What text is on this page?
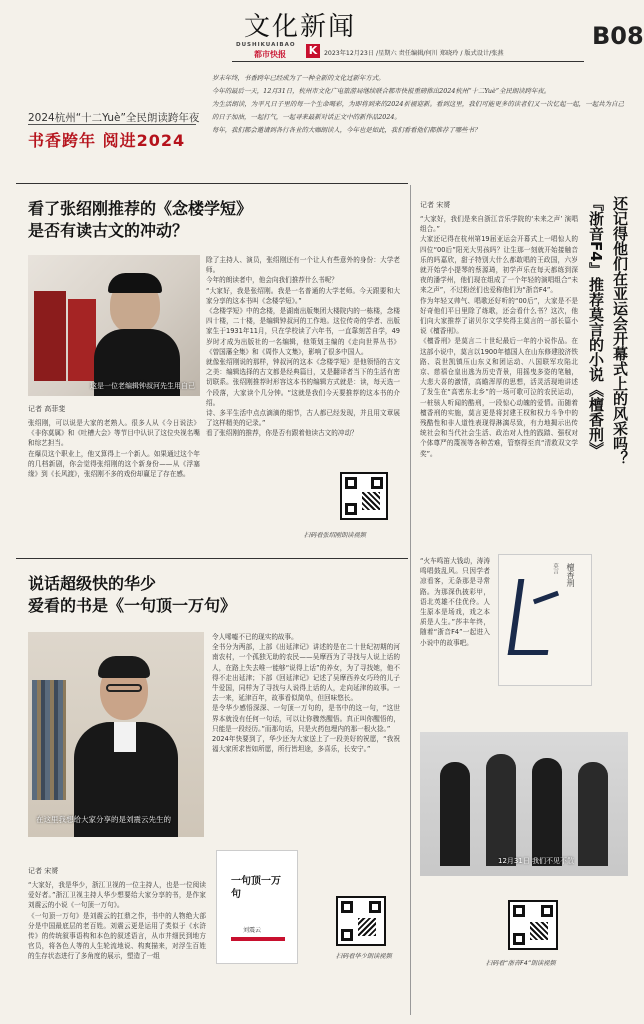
文化新闻
DUSHIKUAIBAO
都市快报 K	2023年12月23日 /星期六 责任编辑/何川 郑晓玲 / 版式设计/张燕
B08
2024杭州“十二Yuè”全民朗读跨年夜
书香跨年 阅进2024
岁末年终，书香跨年已经成为了一种全新的文化过新年方式。
今年的最后一天，12月31日，杭州市文化广电旅游局继续联合都市快报重磅推出2024杭州“十二Yuè”全民朗读跨年夜。
为生活朗读，为平凡日子里的每一个生命喝彩，为即将到来的2024祈福迎新。看到这里，我们可能更多的读者们又一次忆起一起，一起共为自己的日子加油，一起打气，一起寻来最新对话正文中的新作品2024。
每年，我们都会邀请到各行各业的大咖朗读人，今年也是如此，我们看看他们都推荐了哪些书？
看了张绍刚推荐的《念楼学短》
是否有读古文的冲动？
这是一位老编辑钟叔河先生用自己
除了主持人、演员，张绍刚还有一个让人有些意外的身份：大学老师。
今年的朗读者中，他会向我们推荐什么书呢？
“大家好，我是张绍刚。我是一名普通的大学老师。今天跟要和大家分享的这本书叫《念楼学短》。”
《念楼学短》中的念楼，是湖南出版集团大楼院内的一栋楼，念楼四十楼，二十楼，是编辑钟叔河的工作地。这位传奇的学者、出版家生于1931年11月，只在学校读了六年书，一直靠刻苦自学，49岁时才成为出版社的一名编辑，他策划主编的《走向世界丛书》《曾国藩全集》和《周作人文集》，影响了很多中国人。
就像张绍刚说的那样，钟叔河的这本《念楼学短》是他领悟的古文之美：编辑选择的古文都是经典篇目，又是翻译者当下的生活有密切联系。张绍刚推荐时形容这本书的编辑方式就是：读，每天选一个段落，大家读个几分钟。“这就是我们今天要推荐的这本书的介绍。
诗、多平生活中点点滴滴的细节，古人都已经发现，并且用文章展了这样精美的记录。”
看了张绍刚的推荐，你是否有跟着他读古文的冲动？
记者 高菲斐
张绍刚，可以说是大家的老熟人。很多人从《今日说法》《非你莫属》和《吐槽大会》等节目中认识了这位央视名嘴和综艺担当。
在爆员这个职业上，他又算得上一个新人。如果通过这个年的几档新剧，你会觉得张绍刚的这个新身份——从《浮塞缘》到《长风渡》，张绍刚不多的戏份却赢足了存在感。
扫码看张绍刚朗读视频
说话超级快的华少
爱看的书是《一句顶一万句》
在这里我想给大家分享的是刘震云先生的
令人唏嘘不已的现实的故事。
全书分为两部，上部《出延津记》讲述的是在二十世纪初期的河南农村，一个孤独无助的农民——吴摩西为了寻找与人说上话的人，在路上失去唯一能够“说得上话”的养女，为了寻找她，他不得不走出延津；下部《回延津记》记述了吴摩西养女巧玲的儿子牛爱国，同样为了寻找与人说得上话的人，走向延津的故事。一去一来，延津百年，故事看似简单，但回味悠长。
是令华少感悟深深、一句顶一万句的，是书中的这一句，“这世界本就没有任何一句话，可以让你骤然醒悟。真正叫你醒悟的，只能是一段经历。”而那句话，只是火药包埋内的那一根火捻。”
2024年快要到了，华少还为大家送上了一段美好的祝愿，“我祝福大家所求皆如所愿，所行皆坦途，多喜乐，长安宁。”
记者 宋赟
“大家好，我是华少，浙江卫视的一位主持人，也是一位阅读爱好者。”浙江卫视主持人华少想要给大家分享的书，是作家刘震云的小说《一句顶一万句》。
《一句顶一万句》是刘震云的扛鼎之作，书中的人物绝大部分是中国最底层的老百姓。刘震云更是运用了类似于《水浒传》的传统叙事语构和本色的叙述语言，从市井细民到地方官员，将各色人等的人生轮流地说、构爽描来，对浮生百姓的生存状态进行了多角度的展示，塑造了一组
一句顶一万句
刘震云
扫码看华少朗读视频
还记得他们在亚运会开幕式上的风采吗？
『浙音F4』推荐莫言的小说《檀香刑》
记者 宋赟
“大家好，我们是来自浙江音乐学院的‘未来之声’ 演唱组合。”
大家还记得在杭州第19届亚运会开幕式上一唱惊人的四位“00后”阳光大男孩吗？让生那一刻就开始接触音乐的吗嘉欣，甜子特别大什么都敢唱的王政国，六岁就开始学小提琴的蔡源琦，初学声乐在每天都练到深夜的潘学州，他们现在组成了一个年轻的演唱组合“未来之声”，不过粉丝们也爱称他们为“浙音F4”。
作为年轻又帅气、唱歌还好听的“00后”，大家是不是好奇他们平日里除了练歌，还会看什么书？这次，他们向大家推荐了诺贝尔文学奖得主莫言的一部长篇小说《檀香刑》。
《檀香刑》是莫言二十世纪最后一年的小说作品。在这部小说中，莫言以1900年德国人在山东修建胶济铁路、袁世凯镇压山东义和团运动、八国联军攻陷北京、慈禧仓皇出逃为历史背景，用摇曳多姿的笔触，大悲大喜的激情，高瞻浑厚的思想，活灵活现地讲述了发生在“高密东北乡”的一场可歌可泣的农民运动，一桩骇人听闻的酷刑，一段惊心动魄的爱情。而随着檀香刑的实施，莫言更是将封建王权和权力斗争中的残酷性和非人道性表现得淋漓尽致，有力地揭示出传统社会和当代社会生活、政治对人性的践踏、强权对个体尊严的蔑视等各种苦难，管察得至真“清救双文学奖”。
“火车鸣笛大钱动，涛涛鸣唱鼓乱风。只因学者凉看客，无条那是寻常路。为那深仇披彩甲，语北英雄不佳优伶。人生原本是场戏，戏之本质是人生。”莎丰年终，随着“浙音F4”一起进入小说中的故事吧。
檀香刑
莫言
12月31日 我们不见不散
扫码看“浙音F4”朗读视频
